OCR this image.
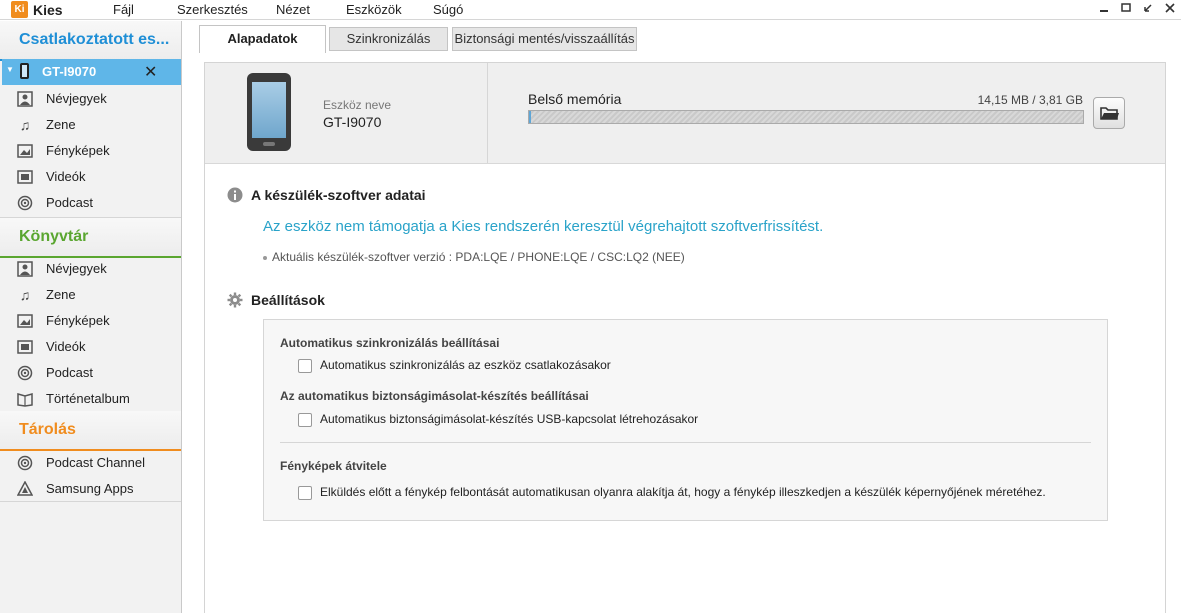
Ki Kies	Fájl	Szerkesztés Nézet	Eszközök Súgó
Csatlakoztatott es...
▼ GT-I9070	✕
Névjegyek
♫ Zene
Fényképek
Videók
Podcast
Könyvtár
Névjegyek
♫ Zene
Fényképek
Videók
Podcast
Történetalbum
Tárolás
Podcast Channel
Samsung Apps
Alapadatok	Szinkronizálás	Biztonsági mentés/visszaállítás
Eszköz neve
GT-I9070
Belső memória	14,15 MB / 3,81 GB
A készülék-szoftver adatai
Az eszköz nem támogatja a Kies rendszerén keresztül végrehajtott szoftverfrissítést.
Aktuális készülék-szoftver verzió : PDA:LQE / PHONE:LQE / CSC:LQ2 (NEE)
Beállítások
Automatikus szinkronizálás beállításai
Automatikus szinkronizálás az eszköz csatlakozásakor
Az automatikus biztonságimásolat-készítés beállításai
Automatikus biztonságimásolat-készítés USB-kapcsolat létrehozásakor
Fényképek átvitele
Elküldés előtt a fénykép felbontását automatikusan olyanra alakítja át, hogy a fénykép illeszkedjen a készülék képernyőjének méretéhez.
